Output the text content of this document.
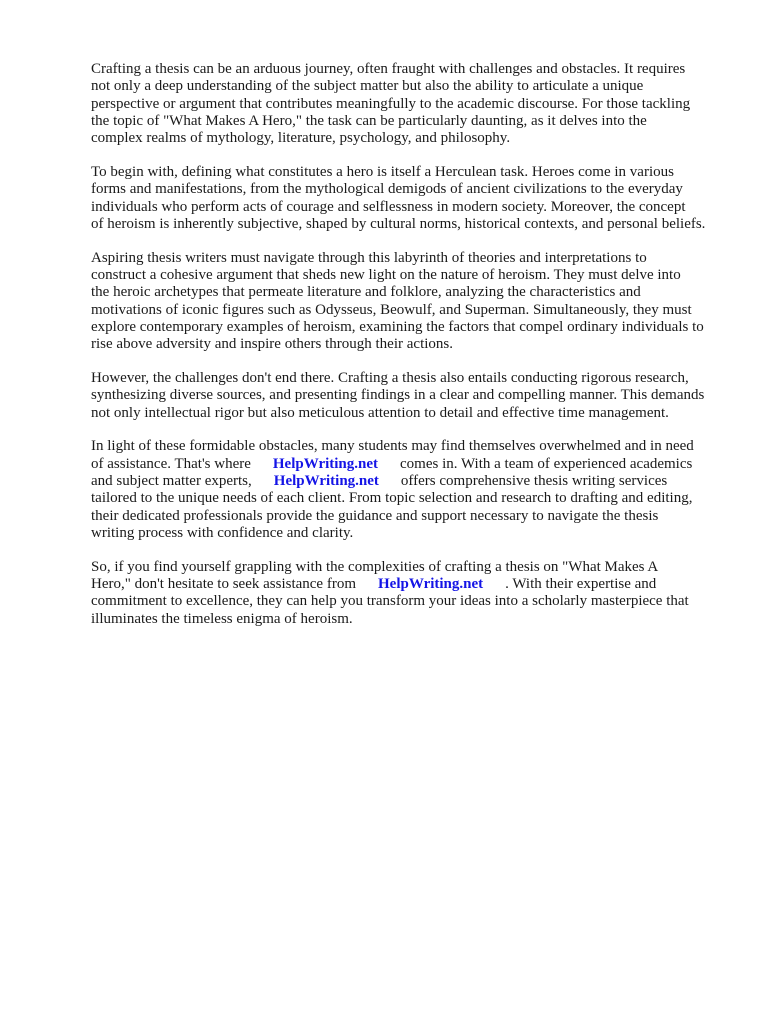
Crafting a thesis can be an arduous journey, often fraught with challenges and obstacles. It requires
not only a deep understanding of the subject matter but also the ability to articulate a unique
perspective or argument that contributes meaningfully to the academic discourse. For those tackling
the topic of "What Makes A Hero," the task can be particularly daunting, as it delves into the
complex realms of mythology, literature, psychology, and philosophy.

To begin with, defining what constitutes a hero is itself a Herculean task. Heroes come in various
forms and manifestations, from the mythological demigods of ancient civilizations to the everyday
individuals who perform acts of courage and selflessness in modern society. Moreover, the concept
of heroism is inherently subjective, shaped by cultural norms, historical contexts, and personal beliefs.

Aspiring thesis writers must navigate through this labyrinth of theories and interpretations to
construct a cohesive argument that sheds new light on the nature of heroism. They must delve into
the heroic archetypes that permeate literature and folklore, analyzing the characteristics and
motivations of iconic figures such as Odysseus, Beowulf, and Superman. Simultaneously, they must
explore contemporary examples of heroism, examining the factors that compel ordinary individuals to
rise above adversity and inspire others through their actions.

However, the challenges don't end there. Crafting a thesis also entails conducting rigorous research,
synthesizing diverse sources, and presenting findings in a clear and compelling manner. This demands
not only intellectual rigor but also meticulous attention to detail and effective time management.

In light of these formidable obstacles, many students may find themselves overwhelmed and in need
of assistance. That's where HelpWriting.net comes in. With a team of experienced academics
and subject matter experts, HelpWriting.net offers comprehensive thesis writing services
tailored to the unique needs of each client. From topic selection and research to drafting and editing,
their dedicated professionals provide the guidance and support necessary to navigate the thesis
writing process with confidence and clarity.

So, if you find yourself grappling with the complexities of crafting a thesis on "What Makes A
Hero," don't hesitate to seek assistance from HelpWriting.net . With their expertise and
commitment to excellence, they can help you transform your ideas into a scholarly masterpiece that
illuminates the timeless enigma of heroism.
